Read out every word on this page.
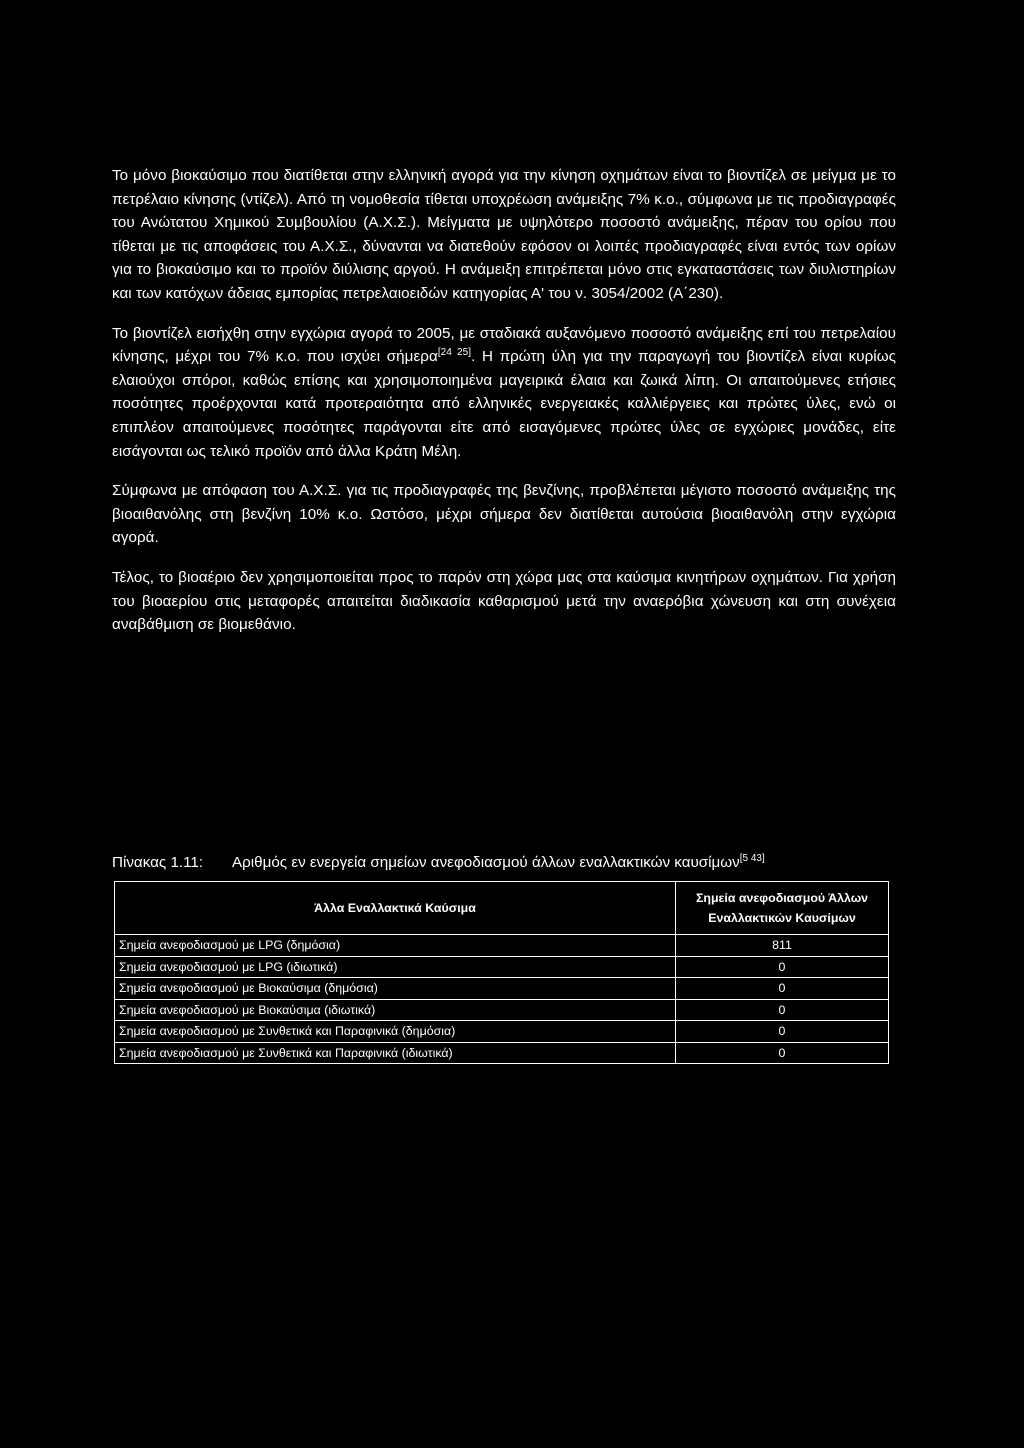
Το μόνο βιοκαύσιμο που διατίθεται στην ελληνική αγορά για την κίνηση οχημάτων είναι το βιοντίζελ σε μείγμα με το πετρέλαιο κίνησης (ντίζελ). Από τη νομοθεσία τίθεται υποχρέωση ανάμειξης 7% κ.ο., σύμφωνα με τις προδιαγραφές του Ανώτατου Χημικού Συμβουλίου (Α.Χ.Σ.). Μείγματα με υψηλότερο ποσοστό ανάμειξης, πέραν του ορίου που τίθεται με τις αποφάσεις του Α.Χ.Σ., δύνανται να διατεθούν εφόσον οι λοιπές προδιαγραφές είναι εντός των ορίων για το βιοκαύσιμο και το προϊόν διύλισης αργού. Η ανάμειξη επιτρέπεται μόνο στις εγκαταστάσεις των διυλιστηρίων και των κατόχων άδειας εμπορίας πετρελαιοειδών κατηγορίας Α' του ν. 3054/2002 (Α΄230).

Το βιοντίζελ εισήχθη στην εγχώρια αγορά το 2005, με σταδιακά αυξανόμενο ποσοστό ανάμειξης επί του πετρελαίου κίνησης, μέχρι του 7% κ.ο. που ισχύει σήμερα[24 25]. Η πρώτη ύλη για την παραγωγή του βιοντίζελ είναι κυρίως ελαιούχοι σπόροι, καθώς επίσης και χρησιμοποιημένα μαγειρικά έλαια και ζωικά λίπη. Οι απαιτούμενες ετήσιες ποσότητες προέρχονται κατά προτεραιότητα από ελληνικές ενεργειακές καλλιέργειες και πρώτες ύλες, ενώ οι επιπλέον απαιτούμενες ποσότητες παράγονται είτε από εισαγόμενες πρώτες ύλες σε εγχώριες μονάδες, είτε εισάγονται ως τελικό προϊόν από άλλα Κράτη Μέλη.

Σύμφωνα με απόφαση του Α.Χ.Σ. για τις προδιαγραφές της βενζίνης, προβλέπεται μέγιστο ποσοστό ανάμειξης της βιοαιθανόλης στη βενζίνη 10% κ.ο. Ωστόσο, μέχρι σήμερα δεν διατίθεται αυτούσια βιοαιθανόλη στην εγχώρια αγορά.

Τέλος, το βιοαέριο δεν χρησιμοποιείται προς το παρόν στη χώρα μας στα καύσιμα κινητήρων οχημάτων. Για χρήση του βιοαερίου στις μεταφορές απαιτείται διαδικασία καθαρισμού μετά την αναερόβια χώνευση και στη συνέχεια αναβάθμιση σε βιομεθάνιο.

Πίνακας 1.11: Αριθμός εν ενεργεία σημείων ανεφοδιασμού άλλων εναλλακτικών καυσίμων[5 43]
Άλλα Εναλλακτικά Καύσιμα	Σημεία ανεφοδιασμού Άλλων Εναλλακτικών Καυσίμων
Σημεία ανεφοδιασμού με LPG (δημόσια)	811
Σημεία ανεφοδιασμού με LPG (ιδιωτικά)	0
Σημεία ανεφοδιασμού με Βιοκαύσιμα (δημόσια)	0
Σημεία ανεφοδιασμού με Βιοκαύσιμα (ιδιωτικά)	0
Σημεία ανεφοδιασμού με Συνθετικά και Παραφινικά (δημόσια)	0
Σημεία ανεφοδιασμού με Συνθετικά και Παραφινικά (ιδιωτικά)	0
